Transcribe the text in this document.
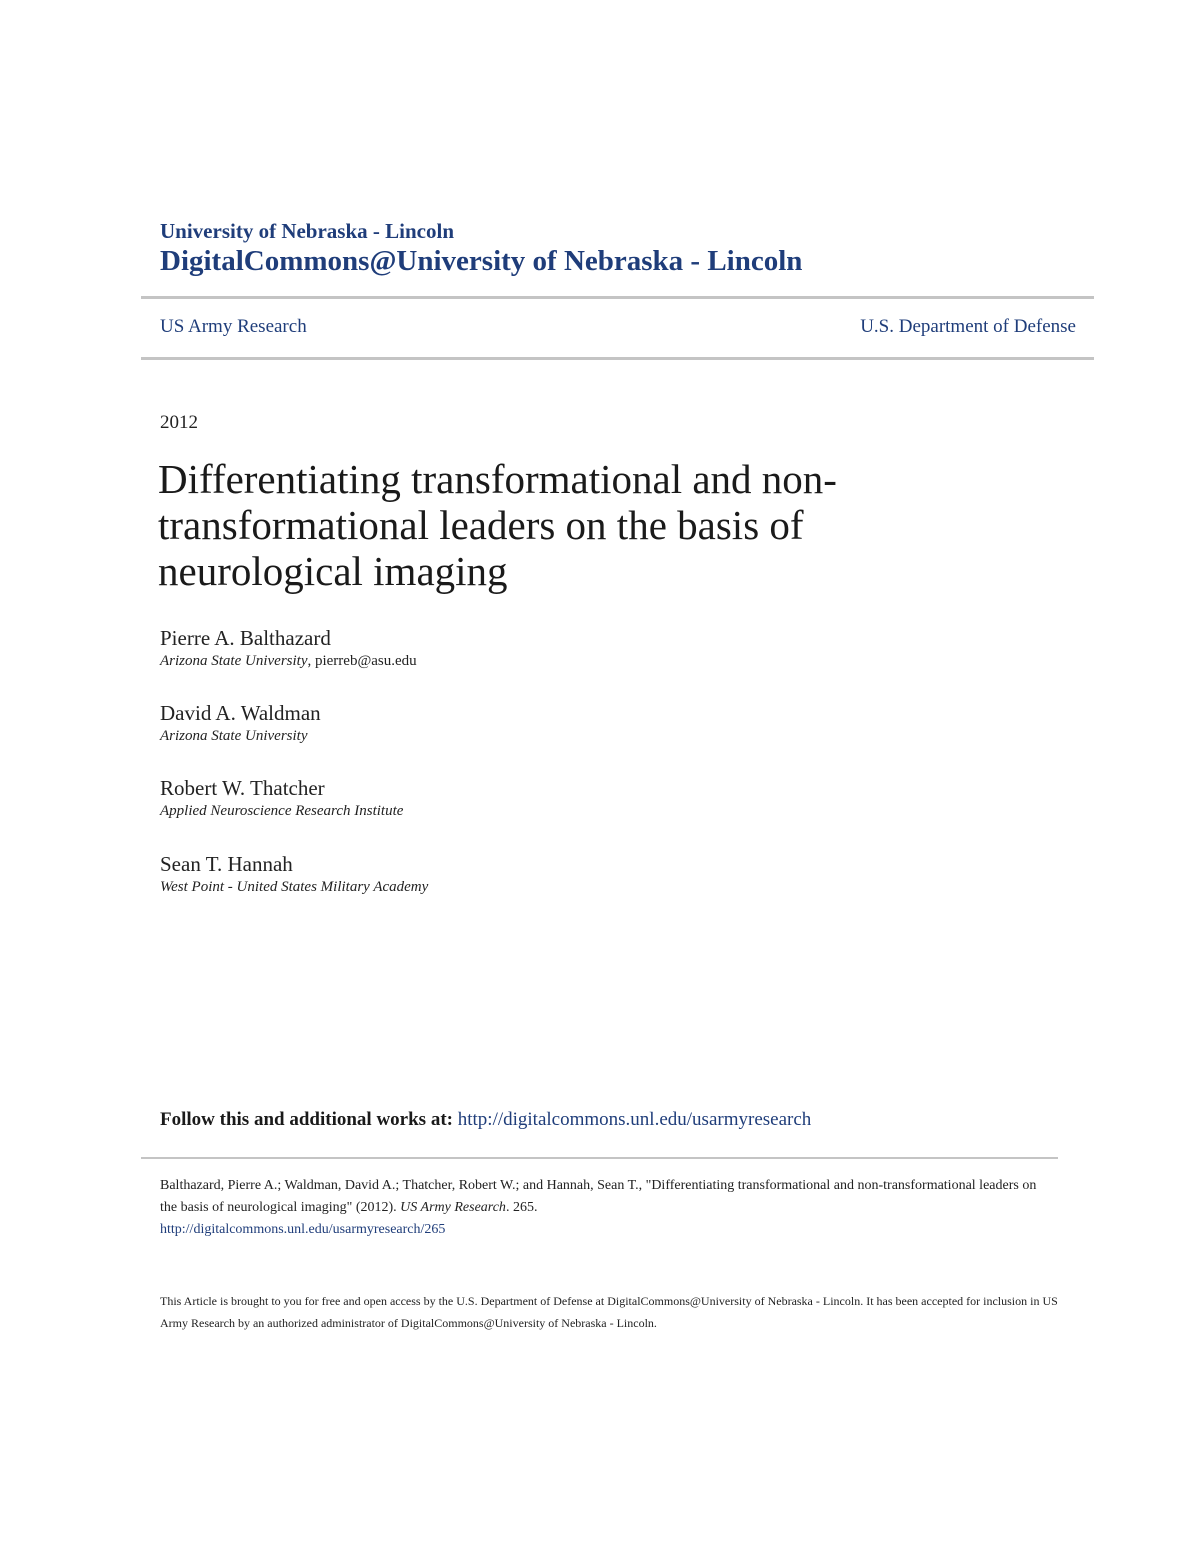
University of Nebraska - Lincoln
DigitalCommons@University of Nebraska - Lincoln
US Army Research	U.S. Department of Defense
2012
Differentiating transformational and non-transformational leaders on the basis of neurological imaging
Pierre A. Balthazard
Arizona State University, pierreb@asu.edu
David A. Waldman
Arizona State University
Robert W. Thatcher
Applied Neuroscience Research Institute
Sean T. Hannah
West Point - United States Military Academy
Follow this and additional works at: http://digitalcommons.unl.edu/usarmyresearch
Balthazard, Pierre A.; Waldman, David A.; Thatcher, Robert W.; and Hannah, Sean T., "Differentiating transformational and non-transformational leaders on the basis of neurological imaging" (2012). US Army Research. 265.
http://digitalcommons.unl.edu/usarmyresearch/265
This Article is brought to you for free and open access by the U.S. Department of Defense at DigitalCommons@University of Nebraska - Lincoln. It has been accepted for inclusion in US Army Research by an authorized administrator of DigitalCommons@University of Nebraska - Lincoln.
